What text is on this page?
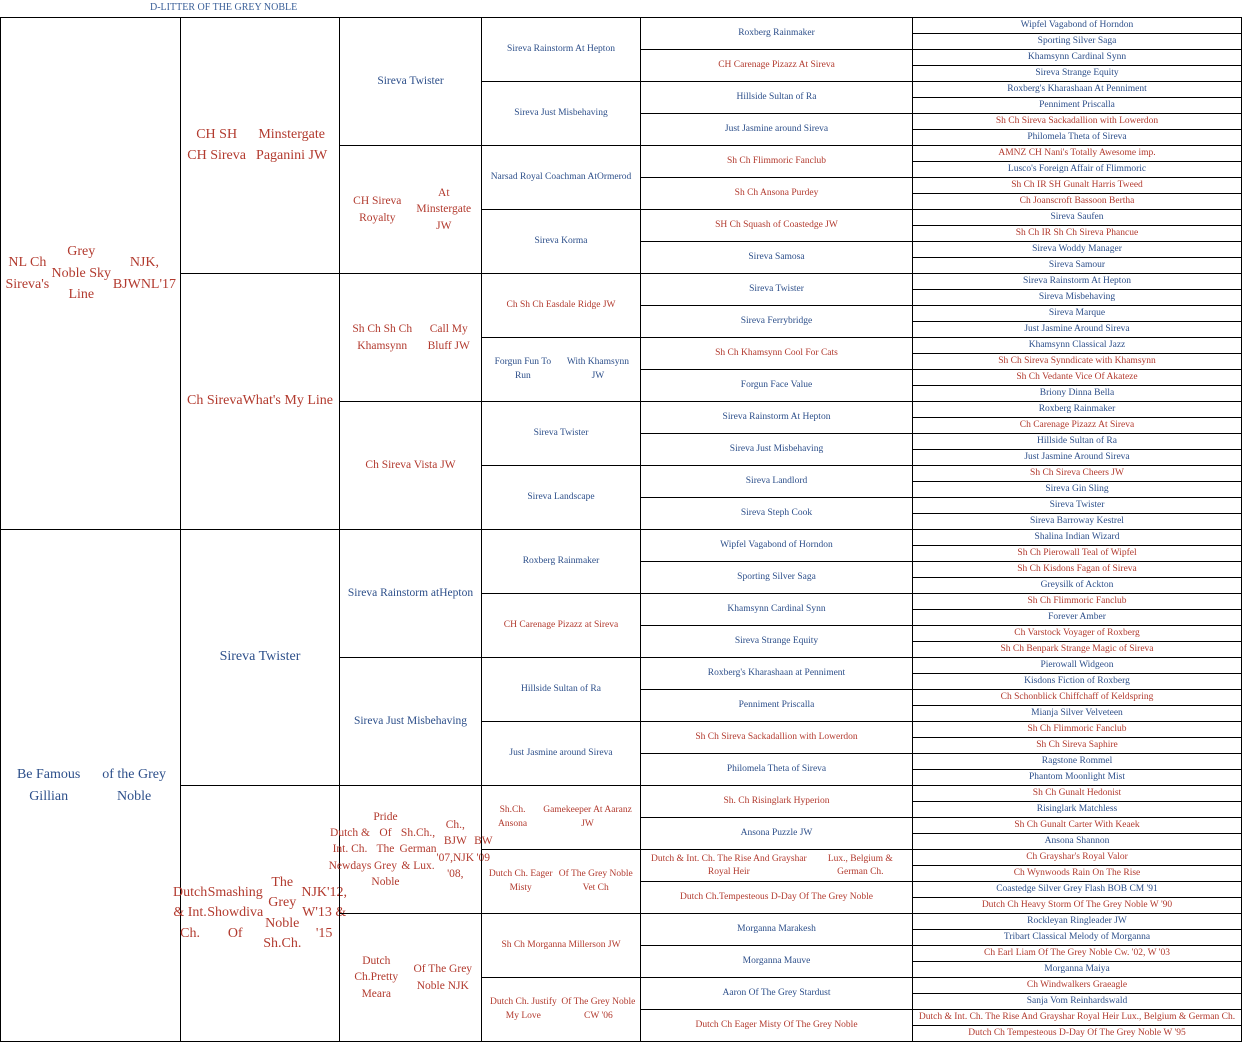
D-LITTER OF THE GREY NOBLE
NL Ch Sireva's
Grey Noble Sky Line
NJK, BJWNL'17
Be Famous Gillian
of the Grey Noble
CH SH CH Sireva
Minstergate Paganini JW
Ch Sireva What's My Line
Sireva Twister
Dutch & Int. Ch.
Smashing Showdiva Of
The Grey Noble Sh.Ch.
NJK'12, W'13 & '15
Sireva Twister
CH Sireva Royalty
At Minstergate JW
Sh Ch Sh Ch Khamsynn
Call My Bluff JW
Ch Sireva Vista JW
Sireva Rainstorm at Hepton
Sireva Just Misbehaving
Dutch & Int. Ch. Newdays
Pride Of The Grey Noble
Sh.Ch., German & Lux.
Ch., BJW '07,NJK '08,
BW '09
Dutch Ch.Pretty Meara
Of The Grey Noble NJK
Sireva Rainstorm At Hepton
Sireva Just Misbehaving
Narsad Royal Coachman At Ormerod
Sireva Korma
Ch Sh Ch Easdale Ridge JW
Forgun Fun To Run
With Khamsynn JW
Sireva Twister
Sireva Landscape
Roxberg Rainmaker
CH Carenage Pizazz at Sireva
Hillside Sultan of Ra
Just Jasmine around Sireva
Sh.Ch. Ansona
Gamekeeper At Aaranz JW
Dutch Ch. Eager Misty
Of The Grey Noble Vet Ch
Sh Ch Morganna Millerson JW
Dutch Ch. Justify My Love
Of The Grey Noble CW '06
Roxberg Rainmaker
CH Carenage Pizazz At Sireva
Hillside Sultan of Ra
Just Jasmine around Sireva
Sh Ch Flimmoric Fanclub
Sh Ch Ansona Purdey
SH Ch Squash of Coastedge JW
Sireva Samosa
Sireva Twister
Sireva Ferrybridge
Sh Ch Khamsynn Cool For Cats
Forgun Face Value
Sireva Rainstorm At Hepton
Sireva Just Misbehaving
Sireva Landlord
Sireva Steph Cook
Wipfel Vagabond of Horndon
Sporting Silver Saga
Khamsynn Cardinal Synn
Sireva Strange Equity
Roxberg's Kharashaan at Penniment
Penniment Priscalla
Sh Ch Sireva Sackadallion with Lowerdon
Philomela Theta of Sireva
Sh. Ch Risinglark Hyperion
Ansona Puzzle JW
Dutch & Int. Ch. The Rise And Grayshar Royal Heir
Lux., Belgium & German Ch.
Dutch Ch.Tempesteous D-Day Of The Grey Noble
Morganna Marakesh
Morganna Mauve
Aaron Of The Grey Stardust
Dutch Ch Eager Misty Of The Grey Noble
Wipfel Vagabond of Horndon
Sporting Silver Saga
Khamsynn Cardinal Synn
Sireva Strange Equity
Roxberg's Kharashaan At Penniment
Penniment Priscalla
Sh Ch Sireva Sackadallion with Lowerdon
Philomela Theta of Sireva
AMNZ CH Nani's Totally Awesome imp.
Lusco's Foreign Affair of Flimmoric
Sh Ch IR SH Gunalt Harris Tweed
Ch Joanscroft Bassoon Bertha
Sireva Saufen
Sh Ch IR Sh Ch Sireva Phancue
Sireva Woddy Manager
Sireva Samour
Sireva Rainstorm At Hepton
Sireva Misbehaving
Sireva Marque
Just Jasmine Around Sireva
Khamsynn Classical Jazz
Sh Ch Sireva Synndicate with Khamsynn
Sh Ch Vedante Vice Of Akateze
Briony Dinna Bella
Roxberg Rainmaker
Ch Carenage Pizazz At Sireva
Hillside Sultan of Ra
Just Jasmine Around Sireva
Sh Ch Sireva Cheers JW
Sireva Gin Sling
Sireva Twister
Sireva Barroway Kestrel
Shalina Indian Wizard
Sh Ch Pierowall Teal of Wipfel
Sh Ch Kisdons Fagan of Sireva
Greysilk of Ackton
Sh Ch Flimmoric Fanclub
Forever Amber
Ch Varstock Voyager of Roxberg
Sh Ch Benpark Strange Magic of Sireva
Pierowall Widgeon
Kisdons Fiction of Roxberg
Ch Schonblick Chiffchaff of Keldspring
Mianja Silver Velveteen
Sh Ch Flimmoric Fanclub
Sh Ch Sireva Saphire
Ragstone Rommel
Phantom Moonlight Mist
Sh Ch Gunalt Hedonist
Risinglark Matchless
Sh Ch Gunalt Carter With Keaek
Ansona Shannon
Ch Grayshar's Royal Valor
Ch Wynwoods Rain On The Rise
Coastedge Silver Grey Flash BOB CM '91
Dutch Ch Heavy Storm Of The Grey Noble W '90
Rockleyan Ringleader JW
Tribart Classical Melody of Morganna
Ch Earl Liam Of The Grey Noble Cw. '02, W '03
Morganna Maiya
Ch Windwalkers Graeagle
Sanja Vom Reinhardswald
Dutch & Int. Ch. The Rise And Grayshar Royal Heir Lux., Belgium & German Ch.
Dutch Ch Tempesteous D-Day Of The Grey Noble W '95
